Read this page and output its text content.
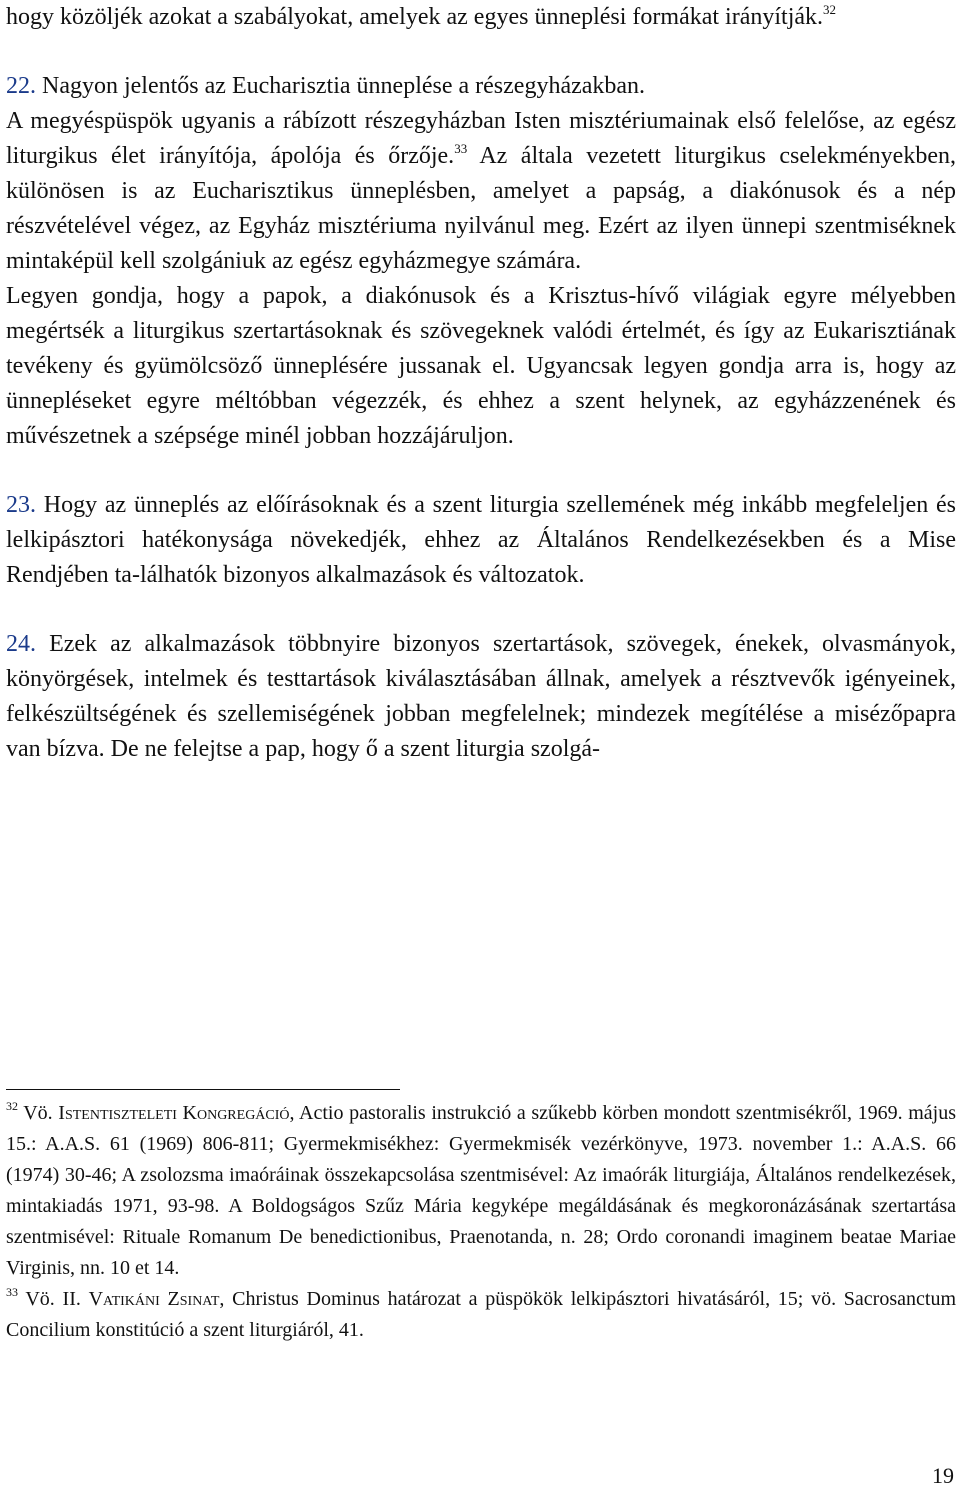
hogy közöljék azokat a szabályokat, amelyek az egyes ünneplési formákat irányítják.$^{32}$

22. Nagyon jelentős az Eucharisztia ünneplése a részegyházakban.

A megyéspüspök ugyanis a rábízott részegyházban Isten misztériumainak első felelőse, az egész liturgikus élet irányítója, ápolója és őrzője.$^{33}$ Az általa vezetett liturgikus cselekményekben, különösen is az Eucharisztikus ünneplésben, amelyet a papság, a diakónusok és a nép részvételével végez, az Egyház misztériuma nyilvánul meg. Ezért az ilyen ünnepi szentmiséknek mintaképül kell szolgániuk az egész egyházmegye számára.

Legyen gondja, hogy a papok, a diakónusok és a Krisztus-hívő világiak egyre mélyebben megértsék a liturgikus szertartásoknak és szövegeknek valódi értelmét, és így az Eukarisztiának tevékeny és gyümölcsöző ünneplésére jussanak el. Ugyancsak legyen gondja arra is, hogy az ünnepléseket egyre méltóbban végezzék, és ehhez a szent helynek, az egyházzenének és művészetnek a szépsége minél jobban hozzájáruljon.

23. Hogy az ünneplés az előírásoknak és a szent liturgia szellemének még inkább megfeleljen és lelkipásztori hatékonysága növekedjék, ehhez az Általános Rendelkezésekben és a Mise Rendjében ta-lálhatók bizonyos alkalmazások és változatok.

24. Ezek az alkalmazások többnyire bizonyos szertartások, szövegek, énekek, olvasmányok, könyörgések, intelmek és testtartások kiválasztásában állnak, amelyek a résztvevők igényeinek, felkészültségének és szellemiségének jobban megfelelnek; mindezek megítélése a misézőpapra van bízva. De ne felejtse a pap, hogy ő a szent liturgia szolgá-

$^{32}$ Vö. Istentiszteleti Kongregáció, Actio pastoralis instrukció a szűkebb körben mondott szentmisékről, 1969. május 15.: A.A.S. 61 (1969) 806-811; Gyermekmisékhez: Gyermekmisék vezérkönyve, 1973. november 1.: A.A.S. 66 (1974) 30-46; A zsolozsma imaóráinak összekapcsolása szentmisével: Az imaórák liturgiája, Általános rendelkezések, mintakiadás 1971, 93-98. A Boldogságos Szűz Mária kegyképe megáldásának és megkoronázásának szertartása szentmisével: Rituale Romanum De benedictionibus, Praenotanda, n. 28; Ordo coronandi imaginem beatae Mariae Virginis, nn. 10 et 14.

$^{33}$ Vö. II. Vatikáni Zsinat, Christus Dominus határozat a püspökök lelkipásztori hivatásáról, 15; vö. Sacrosanctum Concilium konstitúció a szent liturgiáról, 41.

19
